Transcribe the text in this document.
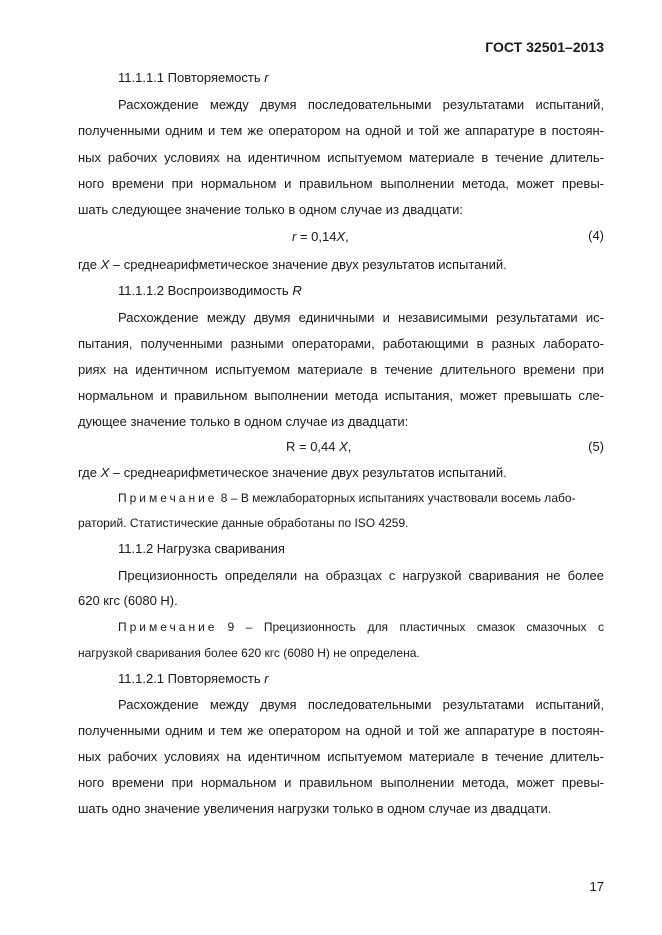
ГОСТ 32501–2013
11.1.1.1 Повторяемость r
Расхождение между двумя последовательными результатами испытаний,
полученными одним и тем же оператором на одной и той же аппаратуре в постоян-
ных рабочих условиях на идентичном испытуемом материале в течение длитель-
ного времени при нормальном и правильном выполнении метода, может превы-
шать следующее значение только в одном случае из двадцати:
r = 0,14X,	(4)
где X – среднеарифметическое значение двух результатов испытаний.
11.1.1.2 Воспроизводимость R
Расхождение между двумя единичными и независимыми результатами ис-
пытания, полученными разными операторами, работающими в разных лаборато-
риях на идентичном испытуемом материале в течение длительного времени при
нормальном и правильном выполнении метода испытания, может превышать сле-
дующее значение только в одном случае из двадцати:
R = 0,44 X,	(5)
где X – среднеарифметическое значение двух результатов испытаний.
Примечание 8 – В межлабораторных испытаниях участвовали восемь лабо-
раторий. Статистические данные обработаны по ISO 4259.
11.1.2 Нагрузка сваривания
Прецизионность определяли на образцах с нагрузкой сваривания не более
620 кгс (6080 Н).
Примечание 9 – Прецизионность для пластичных смазок смазочных с
нагрузкой сваривания более 620 кгс (6080 Н) не определена.
11.1.2.1 Повторяемость r
Расхождение между двумя последовательными результатами испытаний,
полученными одним и тем же оператором на одной и той же аппаратуре в постоян-
ных рабочих условиях на идентичном испытуемом материале в течение длитель-
ного времени при нормальном и правильном выполнении метода, может превы-
шать одно значение увеличения нагрузки только в одном случае из двадцати.
17
